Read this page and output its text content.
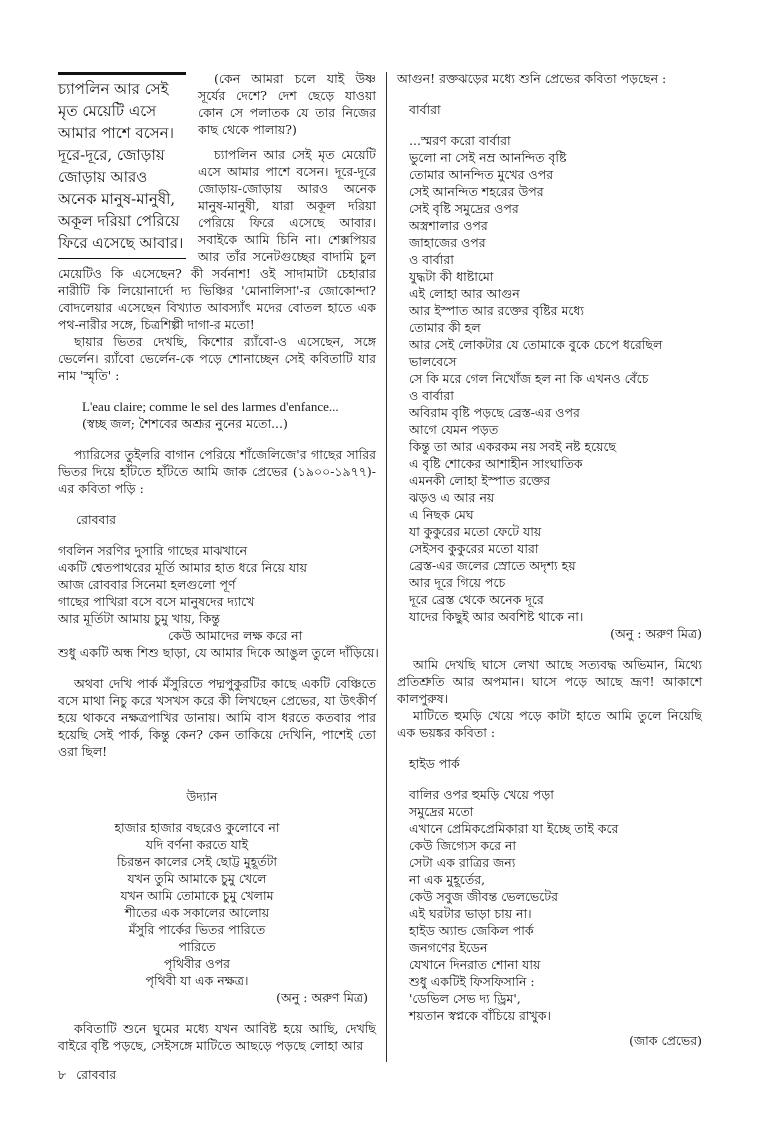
চ্যাপলিন আর সেই
মৃত মেয়েটি এসে
আমার পাশে বসেন।
দূরে-দূরে, জোড়ায়
জোড়ায় আরও
অনেক মানুষ-মানুষী,
অকূল দরিয়া পেরিয়ে
ফিরে এসেছে আবার।

(কেন আমরা চলে যাই উষ্ণ সূর্যের দেশে? দেশ ছেড়ে যাওয়া কোন সে পলাতক যে তার নিজের কাছ থেকে পালায়?)

চ্যাপলিন আর সেই মৃত মেয়েটি এসে আমার পাশে বসেন। দূরে-দূরে জোড়ায়-জোড়ায় আরও অনেক মানুষ-মানুষী, যারা অকূল দরিয়া পেরিয়ে ফিরে এসেছে আবার। সবাইকে আমি চিনি না। শেক্সপিয়র আর তাঁর সনেটগুচ্ছের বাদামি চুল মেয়েটিও কি এসেছেন? কী সর্বনাশ! ওই সাদামাটা চেহারার নারীটি কি লিয়োনার্দো দ্য ভিঞ্চির 'মোনালিসা'-র জোকোন্দা? বোদলেয়ার এসেছেন বিখ্যাত আবস্যাঁৎ মদের বোতল হাতে এক পথ-নারীর সঙ্গে, চিত্রশিল্পী দাগা-র মতো!

ছায়ার ভিতর দেখছি, কিশোর র‍্যাঁবো-ও এসেছেন, সঙ্গে ভের্লেন। র‍্যাঁবো ভের্লেন-কে পড়ে শোনাচ্ছেন সেই কবিতাটি যার নাম 'স্মৃতি' :

L'eau claire; comme le sel des larmes d'enfance...
(স্বচ্ছ জল; শৈশবের অশ্রূর নুনের মতো...)

প্যারিসের তুইলরি বাগান পেরিয়ে শাঁজেলিজে'র গাছের সারির ভিতর দিয়ে হাঁটতে হাঁটতে আমি জাক প্রেভের (১৯০০-১৯৭৭)-এর কবিতা পড়ি :

রোববার
গবলিন সরণির দুসারি গাছের মাঝখানে
একটি শ্বেতপাথরের মূর্তি আমার হাত ধরে নিয়ে যায়
আজ রোববার সিনেমা হলগুলো পূর্ণ
গাছের পাখিরা বসে বসে মানুষদের দ্যাখে
আর মূর্তিটা আমায় চুমু খায়, কিন্তু
কেউ আমাদের লক্ষ করে না
শুধু একটি অন্ধ শিশু ছাড়া, যে আমার দিকে আঙুল তুলে দাঁড়িয়ে।

অথবা দেখি পার্ক মঁসুরিতে পদ্মপুকুরটির কাছে একটি বেঞ্চিতে বসে মাথা নিচু করে খসখস করে কী লিখছেন প্রেভের, যা উৎকীর্ণ হয়ে থাকবে নক্ষত্রপাখির ডানায়। আমি বাস ধরতে কতবার পার হয়েছি সেই পার্ক, কিন্তু কেন? কেন তাকিয়ে দেখিনি, পাশেই তো ওরা ছিল!

উদ্যান
হাজার হাজার বছরেও কুলোবে না
যদি বর্ণনা করতে যাই
চিরন্তন কালের সেই ছোট্ট মুহূর্তটা
যখন তুমি আমাকে চুমু খেলে
যখন আমি তোমাকে চুমু খেলাম
শীতের এক সকালের আলোয়
মঁসুরি পার্কের ভিতর পারিতে
পারিতে
পৃথিবীর ওপর
পৃথিবী যা এক নক্ষত্র।
(অনু : অরুণ মিত্র)

কবিতাটি শুনে ঘুমের মধ্যে যখন আবিষ্ট হয়ে আছি, দেখছি বাইরে বৃষ্টি পড়ছে, সেইসঙ্গে মাটিতে আছড়ে পড়ছে লোহা আর

আগুন! রক্তঝড়ের মধ্যে শুনি প্রেভের কবিতা পড়ছেন :

বার্বারা
...স্মরণ করো বার্বারা
ভুলো না সেই নম্র আনন্দিত বৃষ্টি
তোমার আনন্দিত মুখের ওপর
সেই আনন্দিত শহরের উপর
সেই বৃষ্টি সমুদ্রের ওপর
অস্ত্রশালার ওপর
জাহাজের ওপর
ও বার্বারা
যুদ্ধটা কী ধাষ্টামো
এই লোহা আর আগুন
আর ইস্পাত আর রক্তের বৃষ্টির মধ্যে
তোমার কী হল
আর সেই লোকটার যে তোমাকে বুকে চেপে ধরেছিল
ভালবেসে
সে কি মরে গেল নিখোঁজ হল না কি এখনও বেঁচে
ও বার্বারা
অবিরাম বৃষ্টি পড়ছে ব্রেস্ত-এর ওপর
আগে যেমন পড়ত
কিন্তু তা আর একরকম নয় সবই নষ্ট হয়েছে
এ বৃষ্টি শোকের আশাহীন সাংঘাতিক
এমনকী লোহা ইস্পাত রক্তের
ঝড়ও এ আর নয়
এ নিছক মেঘ
যা কুকুরের মতো ফেটে যায়
সেইসব কুকুরের মতো যারা
ব্রেস্ত-এর জলের স্রোতে অদৃশ্য হয়
আর দূরে গিয়ে পচে
দূরে ব্রেস্ত থেকে অনেক দূরে
যাদের কিছুই আর অবশিষ্ট থাকে না।
(অনু : অরুণ মিত্র)

আমি দেখছি ঘাসে লেখা আছে সত্যবদ্ধ অভিমান, মিথ্যে প্রতিশ্রুতি আর অপমান। ঘাসে পড়ে আছে ভ্রূণ! আকাশে কালপুরুষ।

মাটিতে হুমড়ি খেয়ে পড়ে কাটা হাতে আমি তুলে নিয়েছি এক ভয়ঙ্কর কবিতা :

হাইড পার্ক
বালির ওপর হুমড়ি খেয়ে পড়া
সমুদ্রের মতো
এখানে প্রেমিকপ্রেমিকারা যা ইচ্ছে তাই করে
কেউ জিগ্যেস করে না
সেটা এক রাত্রির জন্য
না এক মুহূর্তের,
কেউ সবুজ জীবন্ত ভেলভেটের
এই ঘরটার ভাড়া চায় না।
হাইড অ্যান্ড জেকিল পার্ক
জনগণের ইডেন
যেখানে দিনরাত শোনা যায়
শুধু একটিই ফিসফিসানি :
'ডেভিল সেভ দ্য ড্রিম',
শয়তান স্বপ্নকে বাঁচিয়ে রাখুক।
(জাক প্রেভের)
৮ রোববার
